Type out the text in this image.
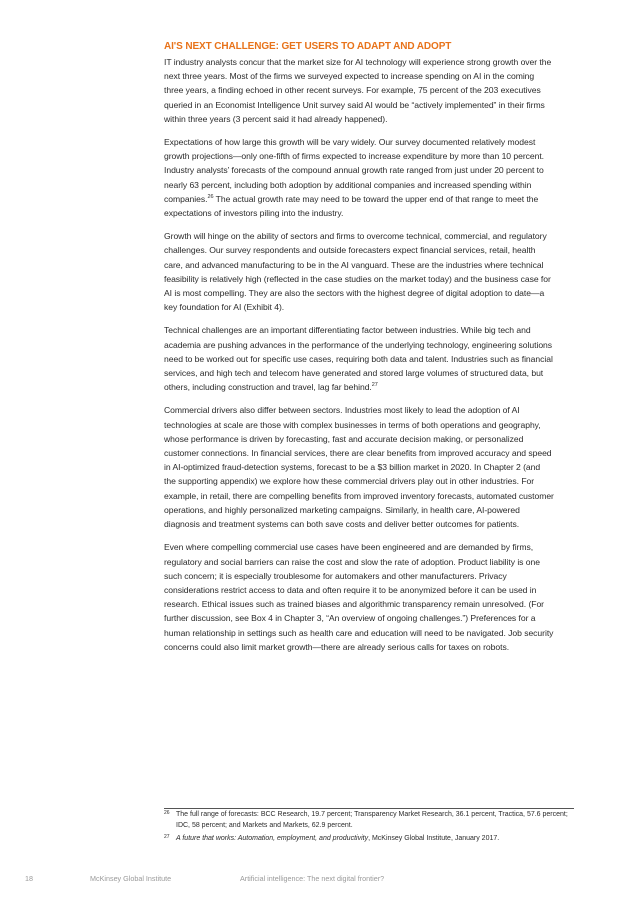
AI'S NEXT CHALLENGE: GET USERS TO ADAPT AND ADOPT

IT industry analysts concur that the market size for AI technology will experience strong growth over the next three years. Most of the firms we surveyed expected to increase spending on AI in the coming three years, a finding echoed in other recent surveys. For example, 75 percent of the 203 executives queried in an Economist Intelligence Unit survey said AI would be “actively implemented” in their firms within three years (3 percent said it had already happened).

Expectations of how large this growth will be vary widely. Our survey documented relatively modest growth projections—only one-fifth of firms expected to increase expenditure by more than 10 percent. Industry analysts’ forecasts of the compound annual growth rate ranged from just under 20 percent to nearly 63 percent, including both adoption by additional companies and increased spending within companies.$^{26}$ The actual growth rate may need to be toward the upper end of that range to meet the expectations of investors piling into the industry.

Growth will hinge on the ability of sectors and firms to overcome technical, commercial, and regulatory challenges. Our survey respondents and outside forecasters expect financial services, retail, health care, and advanced manufacturing to be in the AI vanguard. These are the industries where technical feasibility is relatively high (reflected in the case studies on the market today) and the business case for AI is most compelling. They are also the sectors with the highest degree of digital adoption to date—a key foundation for AI (Exhibit 4).

Technical challenges are an important differentiating factor between industries. While big tech and academia are pushing advances in the performance of the underlying technology, engineering solutions need to be worked out for specific use cases, requiring both data and talent. Industries such as financial services, and high tech and telecom have generated and stored large volumes of structured data, but others, including construction and travel, lag far behind.$^{27}$

Commercial drivers also differ between sectors. Industries most likely to lead the adoption of AI technologies at scale are those with complex businesses in terms of both operations and geography, whose performance is driven by forecasting, fast and accurate decision making, or personalized customer connections. In financial services, there are clear benefits from improved accuracy and speed in AI-optimized fraud-detection systems, forecast to be a $3 billion market in 2020. In Chapter 2 (and the supporting appendix) we explore how these commercial drivers play out in other industries. For example, in retail, there are compelling benefits from improved inventory forecasts, automated customer operations, and highly personalized marketing campaigns. Similarly, in health care, AI-powered diagnosis and treatment systems can both save costs and deliver better outcomes for patients.

Even where compelling commercial use cases have been engineered and are demanded by firms, regulatory and social barriers can raise the cost and slow the rate of adoption. Product liability is one such concern; it is especially troublesome for automakers and other manufacturers. Privacy considerations restrict access to data and often require it to be anonymized before it can be used in research. Ethical issues such as trained biases and algorithmic transparency remain unresolved. (For further discussion, see Box 4 in Chapter 3, “An overview of ongoing challenges.”) Preferences for a human relationship in settings such as health care and education will need to be navigated. Job security concerns could also limit market growth—there are already serious calls for taxes on robots.

26 The full range of forecasts: BCC Research, 19.7 percent; Transparency Market Research, 36.1 percent, Tractica, 57.6 percent; IDC, 58 percent; and Markets and Markets, 62.9 percent.
27 A future that works: Automation, employment, and productivity, McKinsey Global Institute, January 2017.
18	McKinsey Global Institute	Artificial intelligence: The next digital frontier?
